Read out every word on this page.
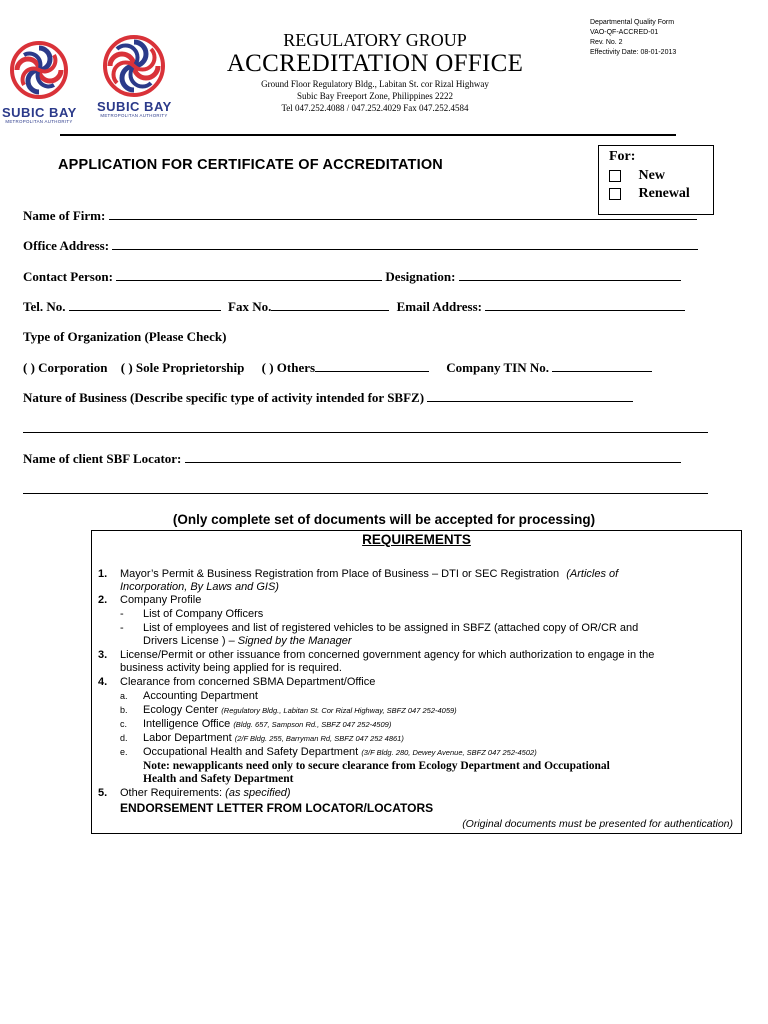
SUBIC BAY
METROPOLITAN AUTHORITY
SUBIC BAY
METROPOLITAN AUTHORITY
REGULATORY GROUP
ACCREDITATION OFFICE
Ground Floor Regulatory Bldg., Labitan St. cor Rizal Highway
Subic Bay Freeport Zone, Philippines 2222
Tel 047.252.4088 / 047.252.4029 Fax 047.252.4584
Departmental Quality Form
VAO-QF-ACCRED-01
Rev. No. 2
Effectivity Date: 08-01-2013
APPLICATION FOR CERTIFICATE OF ACCREDITATION
For:
New
Renewal
Name of Firm:
Office Address:
Contact Person:	Designation:
Tel. No.	Fax No.	Email Address:
Type of Organization (Please Check)
( ) Corporation ( ) Sole Proprietorship ( ) Others	Company TIN No.
Nature of Business (Describe specific type of activity intended for SBFZ)
Name of client SBF Locator:
(Only complete set of documents will be accepted for processing)
REQUIREMENTS
1. Mayor’s Permit & Business Registration from Place of Business – DTI or SEC Registration (Articles of
Incorporation, By Laws and GIS)
2. Company Profile
- List of Company Officers
- List of employees and list of registered vehicles to be assigned in SBFZ (attached copy of OR/CR and
Drivers License ) – Signed by the Manager
3. License/Permit or other issuance from concerned government agency for which authorization to engage in the
business activity being applied for is required.
4. Clearance from concerned SBMA Department/Office
a. Accounting Department
b. Ecology Center (Regulatory Bldg., Labitan St. Cor Rizal Highway, SBFZ 047 252-4059)
c. Intelligence Office (Bldg. 657, Sampson Rd., SBFZ 047 252-4509)
d. Labor Department (2/F Bldg. 255, Barryman Rd, SBFZ 047 252 4861)
e. Occupational Health and Safety Department (3/F Bldg. 280, Dewey Avenue, SBFZ 047 252-4502)
Note: newapplicants need only to secure clearance from Ecology Department and Occupational
Health and Safety Department
5. Other Requirements: (as specified)
ENDORSEMENT LETTER FROM LOCATOR/LOCATORS
(Original documents must be presented for authentication)
